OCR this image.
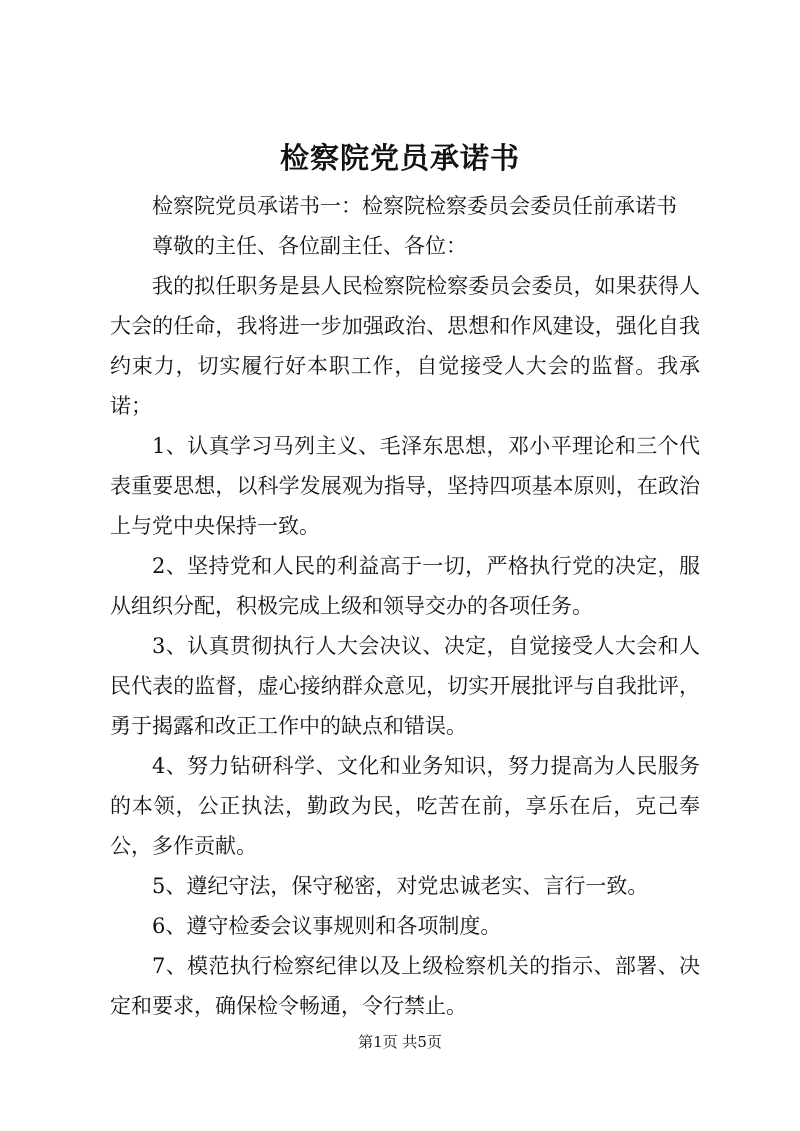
检察院党员承诺书

检察院党员承诺书一：检察院检察委员会委员任前承诺书

尊敬的主任、各位副主任、各位：

我的拟任职务是县人民检察院检察委员会委员，如果获得人大会的任命，我将进一步加强政治、思想和作风建设，强化自我约束力，切实履行好本职工作，自觉接受人大会的监督。我承诺；

1、认真学习马列主义、毛泽东思想，邓小平理论和三个代表重要思想，以科学发展观为指导，坚持四项基本原则，在政治上与党中央保持一致。

2、坚持党和人民的利益高于一切，严格执行党的决定，服从组织分配，积极完成上级和领导交办的各项任务。

3、认真贯彻执行人大会决议、决定，自觉接受人大会和人民代表的监督，虚心接纳群众意见，切实开展批评与自我批评，勇于揭露和改正工作中的缺点和错误。

4、努力钻研科学、文化和业务知识，努力提高为人民服务的本领，公正执法，勤政为民，吃苦在前，享乐在后，克己奉公，多作贡献。

5、遵纪守法，保守秘密，对党忠诚老实、言行一致。

6、遵守检委会议事规则和各项制度。

7、模范执行检察纪律以及上级检察机关的指示、部署、决定和要求，确保检令畅通，令行禁止。

第1页 共5页
